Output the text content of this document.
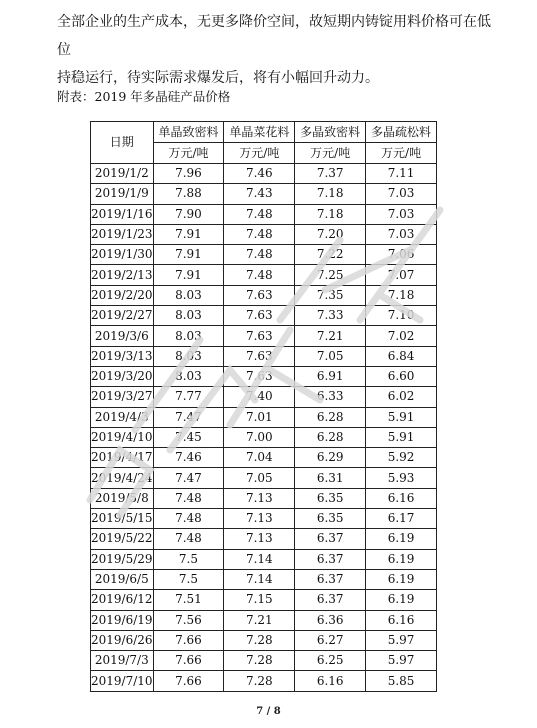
全部企业的生产成本，无更多降价空间，故短期内铸锭用料价格可在低位
持稳运行，待实际需求爆发后，将有小幅回升动力。
附表：2019 年多晶硅产品价格
日期	单晶致密料	单晶菜花料	多晶致密料	多晶疏松料
	万元/吨	万元/吨	万元/吨	万元/吨
2019/1/2	7.96	7.46	7.37	7.11
2019/1/9	7.88	7.43	7.18	7.03
2019/1/16	7.90	7.48	7.18	7.03
2019/1/23	7.91	7.48	7.20	7.03
2019/1/30	7.91	7.48	7.22	7.06
2019/2/13	7.91	7.48	7.25	7.07
2019/2/20	8.03	7.63	7.35	7.18
2019/2/27	8.03	7.63	7.33	7.10
2019/3/6	8.03	7.63	7.21	7.02
2019/3/13	8.03	7.63	7.05	6.84
2019/3/20	8.03	7.63	6.91	6.60
2019/3/27	7.77	7.40	6.33	6.02
2019/4/3	7.47	7.01	6.28	5.91
2019/4/10	7.45	7.00	6.28	5.91
2019/4/17	7.46	7.04	6.29	5.92
2019/4/24	7.47	7.05	6.31	5.93
2019/5/8	7.48	7.13	6.35	6.16
2019/5/15	7.48	7.13	6.35	6.17
2019/5/22	7.48	7.13	6.37	6.19
2019/5/29	7.5	7.14	6.37	6.19
2019/6/5	7.5	7.14	6.37	6.19
2019/6/12	7.51	7.15	6.37	6.19
2019/6/19	7.56	7.21	6.36	6.16
2019/6/26	7.66	7.28	6.27	5.97
2019/7/3	7.66	7.28	6.25	5.97
2019/7/10	7.66	7.28	6.16	5.85
7 / 8
